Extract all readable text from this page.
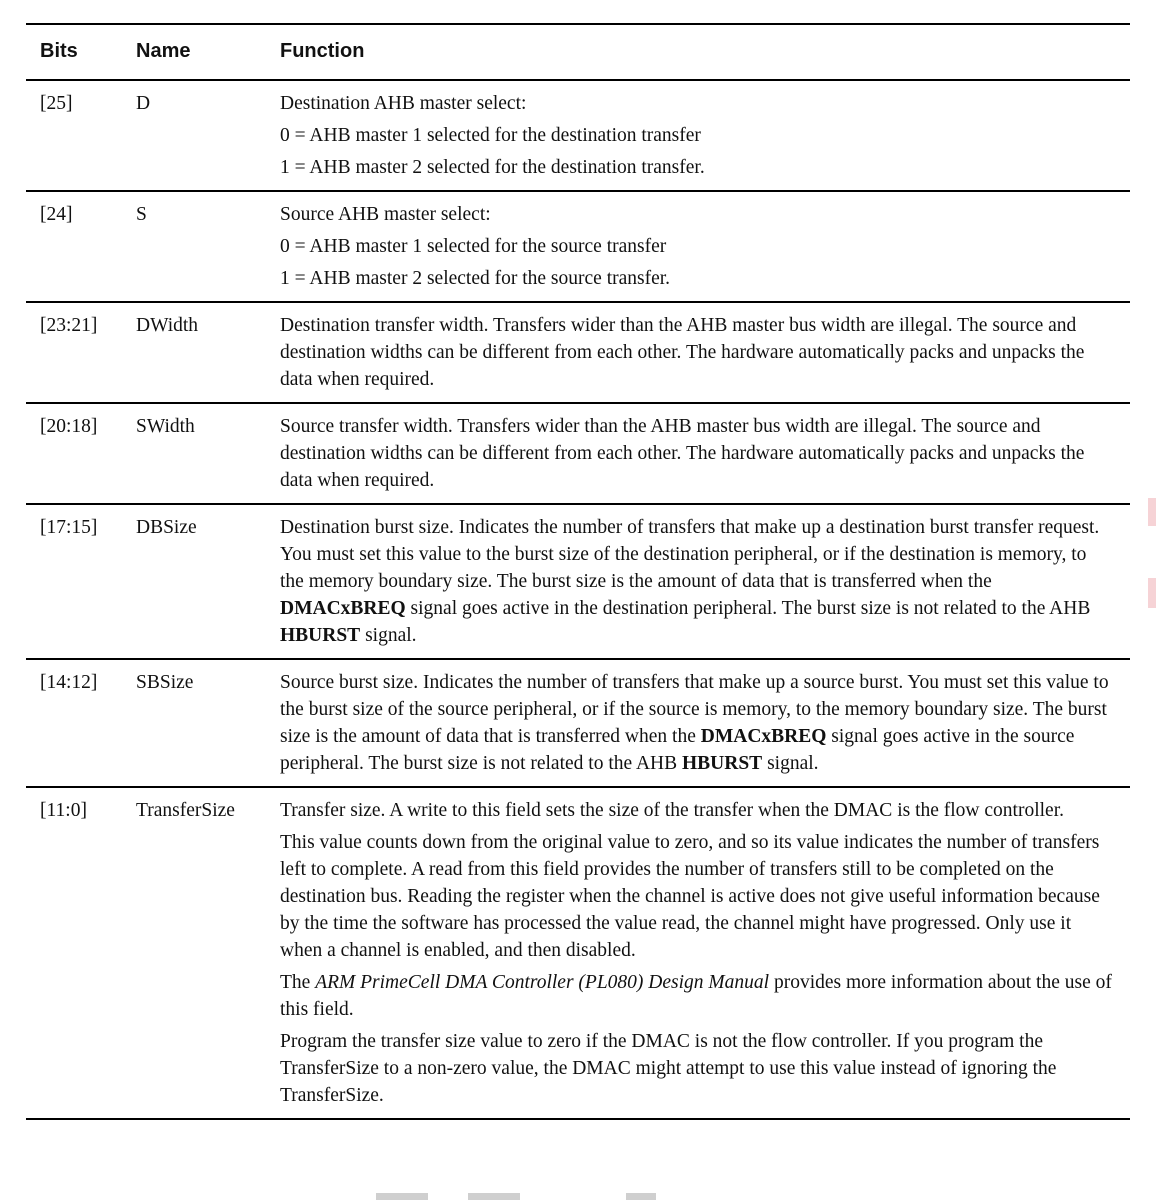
Bits	Name	Function
[25]	D	Destination AHB master select:

0 = AHB master 1 selected for the destination transfer

1 = AHB master 2 selected for the destination transfer.

[24]	S	Source AHB master select:

0 = AHB master 1 selected for the source transfer

1 = AHB master 2 selected for the source transfer.

[23:21]	DWidth	Destination transfer width. Transfers wider than the AHB master bus width are illegal. The source and destination widths can be different from each other. The hardware automatically packs and unpacks the data when required.

[20:18]	SWidth	Source transfer width. Transfers wider than the AHB master bus width are illegal. The source and destination widths can be different from each other. The hardware automatically packs and unpacks the data when required.

[17:15]	DBSize	Destination burst size. Indicates the number of transfers that make up a destination burst transfer request. You must set this value to the burst size of the destination peripheral, or if the destination is memory, to the memory boundary size. The burst size is the amount of data that is transferred when the DMACxBREQ signal goes active in the destination peripheral. The burst size is not related to the AHB HBURST signal.

[14:12]	SBSize	Source burst size. Indicates the number of transfers that make up a source burst. You must set this value to the burst size of the source peripheral, or if the source is memory, to the memory boundary size. The burst size is the amount of data that is transferred when the DMACxBREQ signal goes active in the source peripheral. The burst size is not related to the AHB HBURST signal.

[11:0]	TransferSize	Transfer size. A write to this field sets the size of the transfer when the DMAC is the flow controller.

This value counts down from the original value to zero, and so its value indicates the number of transfers left to complete. A read from this field provides the number of transfers still to be completed on the destination bus. Reading the register when the channel is active does not give useful information because by the time the software has processed the value read, the channel might have progressed. Only use it when a channel is enabled, and then disabled.

The ARM PrimeCell DMA Controller (PL080) Design Manual provides more information about the use of this field.

Program the transfer size value to zero if the DMAC is not the flow controller. If you program the TransferSize to a non-zero value, the DMAC might attempt to use this value instead of ignoring the TransferSize.
